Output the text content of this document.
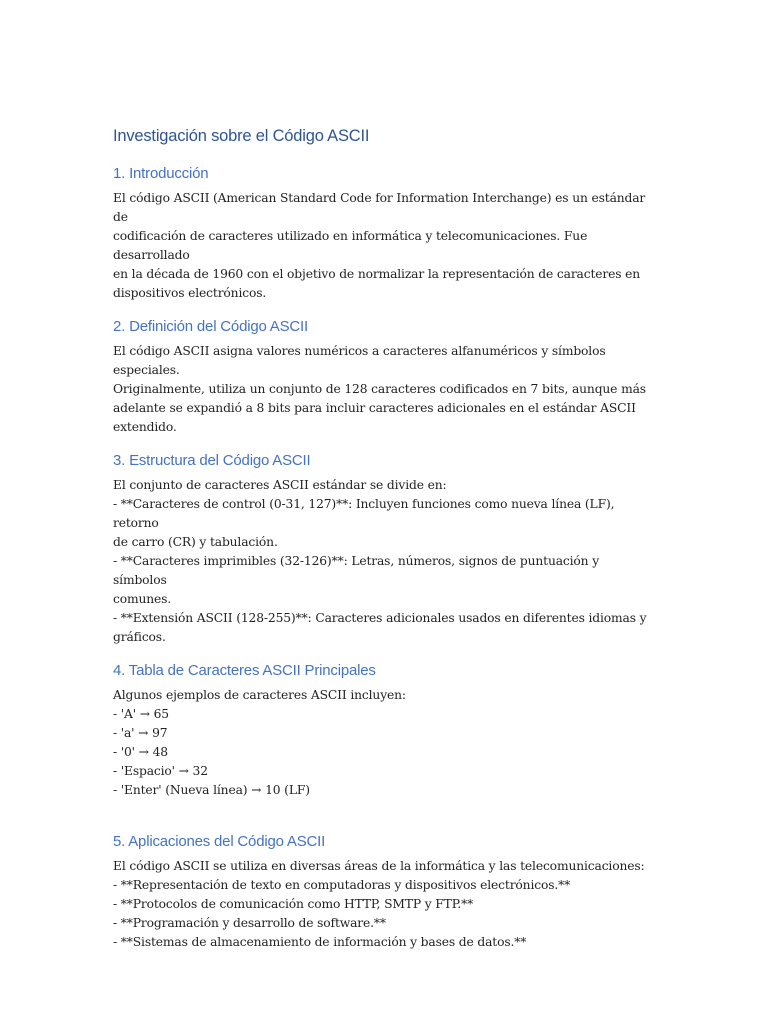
Investigación sobre el Código ASCII
1. Introducción

El código ASCII (American Standard Code for Information Interchange) es un estándar de

codificación de caracteres utilizado en informática y telecomunicaciones. Fue desarrollado

en la década de 1960 con el objetivo de normalizar la representación de caracteres en

dispositivos electrónicos.

2. Definición del Código ASCII

El código ASCII asigna valores numéricos a caracteres alfanuméricos y símbolos especiales.

Originalmente, utiliza un conjunto de 128 caracteres codificados en 7 bits, aunque más

adelante se expandió a 8 bits para incluir caracteres adicionales en el estándar ASCII

extendido.

3. Estructura del Código ASCII

El conjunto de caracteres ASCII estándar se divide en:

- **Caracteres de control (0-31, 127)**: Incluyen funciones como nueva línea (LF), retorno

de carro (CR) y tabulación.

- **Caracteres imprimibles (32-126)**: Letras, números, signos de puntuación y símbolos

comunes.

- **Extensión ASCII (128-255)**: Caracteres adicionales usados en diferentes idiomas y

gráficos.

4. Tabla de Caracteres ASCII Principales

Algunos ejemplos de caracteres ASCII incluyen:

- 'A' → 65

- 'a' → 97

- '0' → 48

- 'Espacio' → 32

- 'Enter' (Nueva línea) → 10 (LF)

5. Aplicaciones del Código ASCII

El código ASCII se utiliza en diversas áreas de la informática y las telecomunicaciones:

- **Representación de texto en computadoras y dispositivos electrónicos.**

- **Protocolos de comunicación como HTTP, SMTP y FTP.**

- **Programación y desarrollo de software.**

- **Sistemas de almacenamiento de información y bases de datos.**
